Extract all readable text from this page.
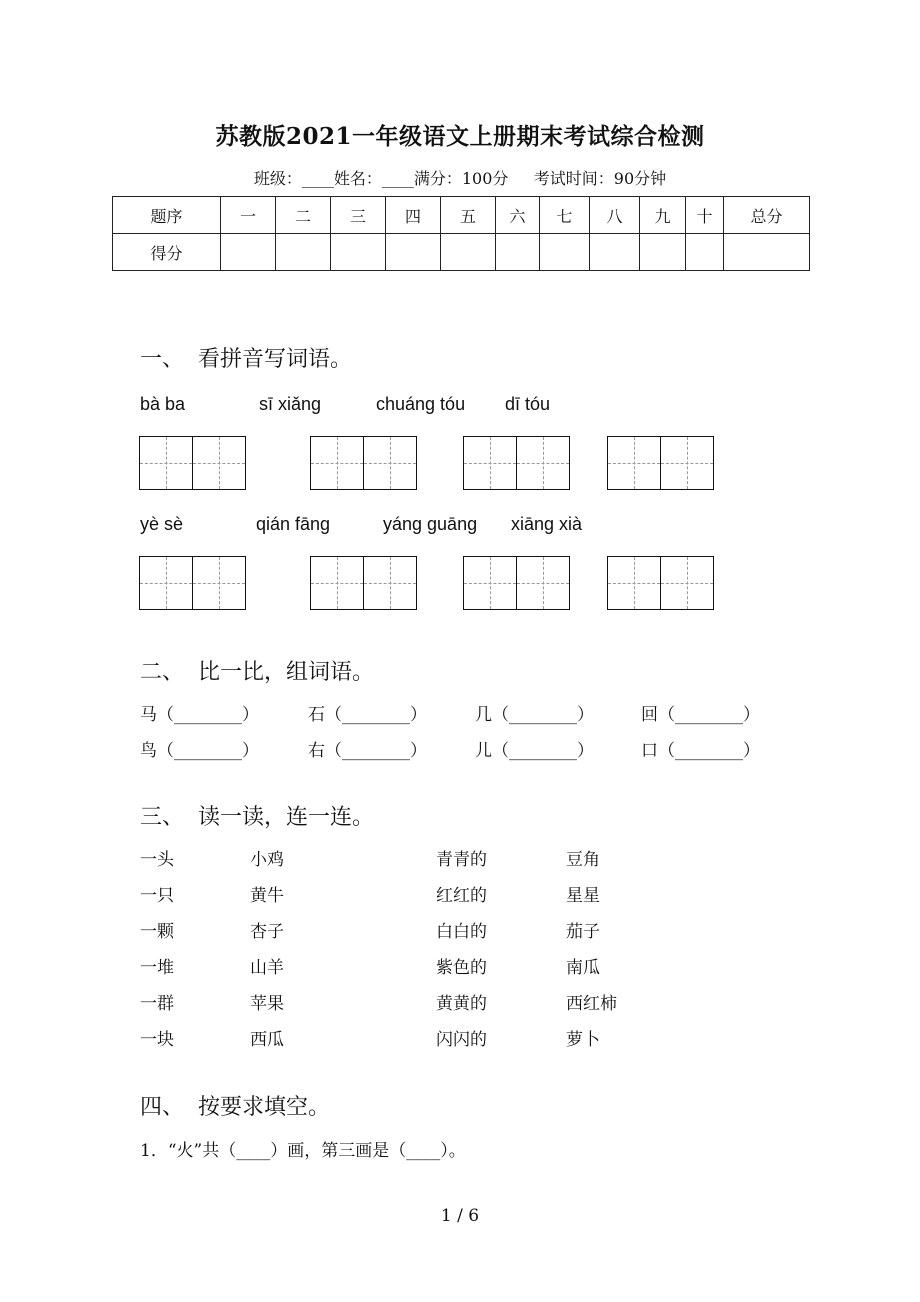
苏教版2021一年级语文上册期末考试综合检测
班级：____姓名：____满分：100分     考试时间：90分钟
题序	一	二	三	四	五	六	七	八	九	十	总分
得分											
一、  看拼音写词语。
bà ba	sī xiǎng	chuáng tóu dī tóu
yè sè	qián fāng	yáng guāng xiāng xià
二、  比一比，组词语。
马（________）	石（________）	几（________）	回（________）
鸟（________）	右（________）	儿（________）	口（________）
三、  读一读，连一连。
一头	小鸡	青青的	豆角
一只	黄牛	红红的	星星
一颗	杏子	白白的	茄子
一堆	山羊	紫色的	南瓜
一群	苹果	黄黄的	西红柿
一块	西瓜	闪闪的	萝卜
四、  按要求填空。
1．“火”共（____）画，第三画是（____）。
1 / 6
